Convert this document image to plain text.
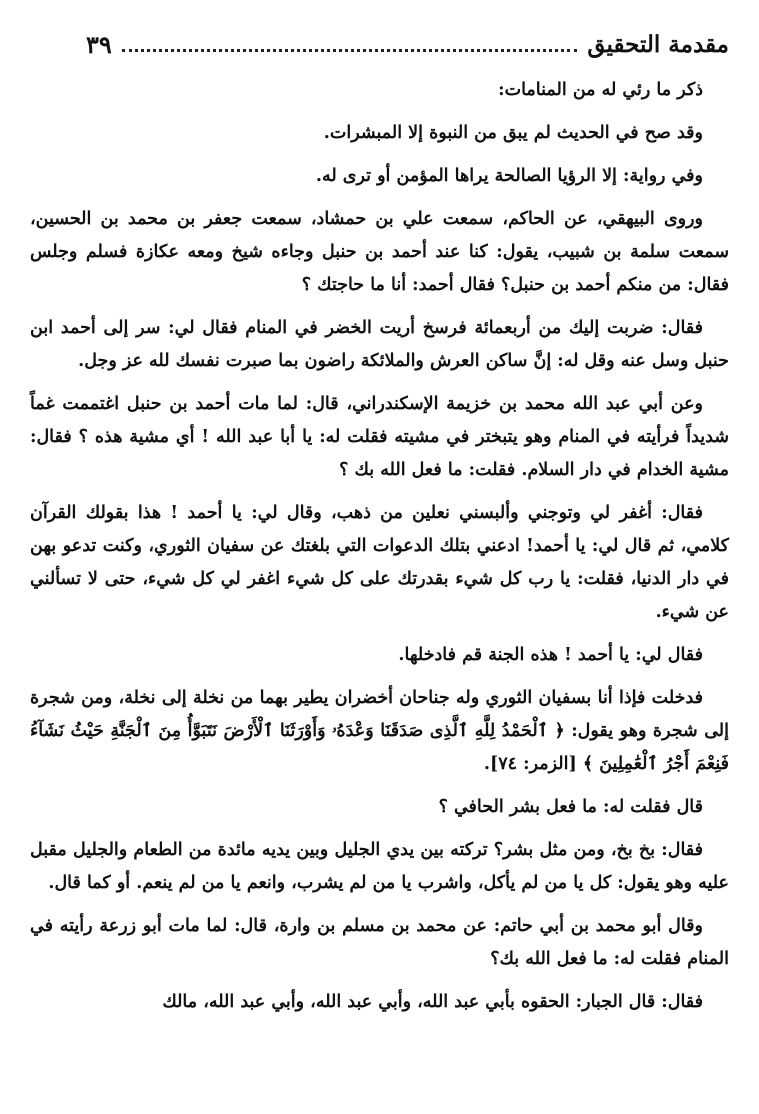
مقدمة التحقيق
٣٩

ذكر ما رئي له من المنامات:

وقد صح في الحديث لم يبق من النبوة إلا المبشرات.

وفي رواية: إلا الرؤيا الصالحة يراها المؤمن أو ترى له.

وروى البيهقي، عن الحاكم، سمعت علي بن حمشاد، سمعت جعفر بن محمد بن الحسين، سمعت سلمة بن شبيب، يقول: كنا عند أحمد بن حنبل وجاءه شيخ ومعه عكازة فسلم وجلس فقال: من منكم أحمد بن حنبل؟ فقال أحمد: أنا ما حاجتك ؟

فقال: ضربت إليك من أربعمائة فرسخ أريت الخضر في المنام فقال لي: سر إلى أحمد ابن حنبل وسل عنه وقل له: إنَّ ساكن العرش والملائكة راضون بما صبرت نفسك لله عز وجل.

وعن أبي عبد الله محمد بن خزيمة الإسكندراني، قال: لما مات أحمد بن حنبل اغتممت غماً شديداً فرأيته في المنام وهو يتبختر في مشيته فقلت له: يا أبا عبد الله ! أي مشية هذه ؟ فقال: مشية الخدام في دار السلام. فقلت: ما فعل الله بك ؟

فقال: أغفر لي وتوجني وألبسني نعلين من ذهب، وقال لي: يا أحمد ! هذا بقولك القرآن كلامي، ثم قال لي: يا أحمد! ادعني بتلك الدعوات التي بلغتك عن سفيان الثوري، وكنت تدعو بهن في دار الدنيا، فقلت: يا رب كل شيء بقدرتك على كل شيء اغفر لي كل شيء، حتى لا تسألني عن شيء.

فقال لي: يا أحمد ! هذه الجنة قم فادخلها.

فدخلت فإذا أنا بسفيان الثوري وله جناحان أخضران يطير بهما من نخلة إلى نخلة، ومن شجرة إلى شجرة وهو يقول: ﴿ ٱلْحَمْدُ لِلَّهِ ٱلَّذِى صَدَقَنَا وَعْدَهُۥ وَأَوْرَثَنَا ٱلْأَرْضَ نَتَبَوَّأُ مِنَ ٱلْجَنَّةِ حَيْثُ نَشَآءُ فَنِعْمَ أَجْرُ ٱلْعَٰمِلِينَ ﴾ [الزمر: ٧٤].

قال فقلت له: ما فعل بشر الحافي ؟

فقال: بخ بخ، ومن مثل بشر؟ تركته بين يدي الجليل وبين يديه مائدة من الطعام والجليل مقبل عليه وهو يقول: كل يا من لم يأكل، واشرب يا من لم يشرب، وانعم يا من لم ينعم. أو كما قال.

وقال أبو محمد بن أبي حاتم: عن محمد بن مسلم بن وارة، قال: لما مات أبو زرعة رأيته في المنام فقلت له: ما فعل الله بك؟

فقال: قال الجبار: الحقوه بأبي عبد الله، وأبي عبد الله، وأبي عبد الله، مالك
